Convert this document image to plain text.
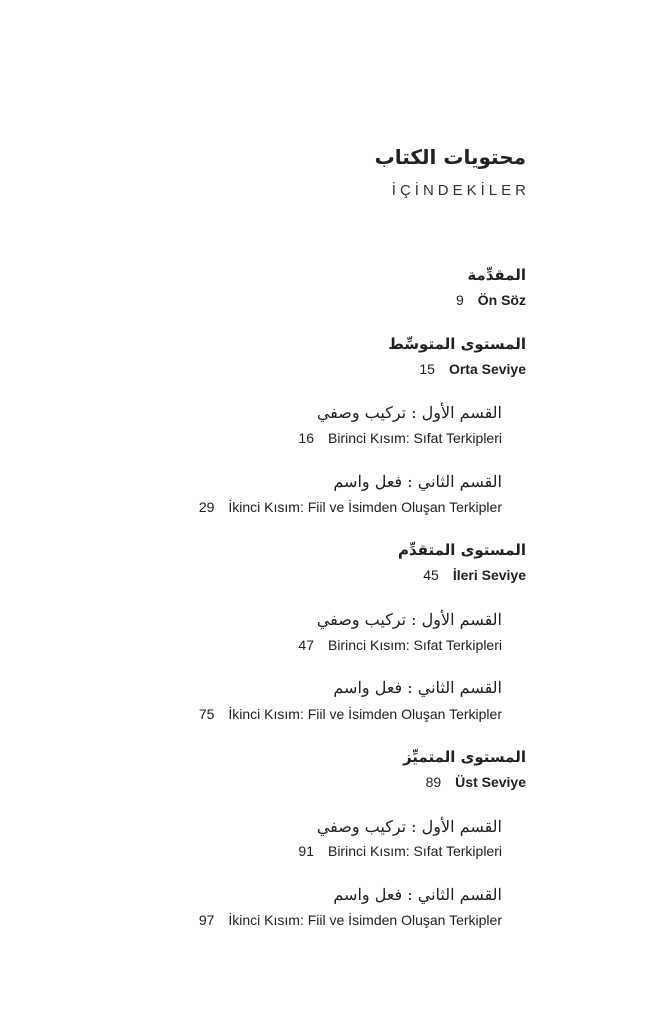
محتويات الكتاب
İÇİNDEKİLER
المقدِّمة
9 Ön Söz
المستوى المتوسِّط
15 Orta Seviye
القسم الأول : تركيب وصفي
16 Birinci Kısım: Sıfat Terkipleri
القسم الثاني : فعل واسم
29 İkinci Kısım: Fiil ve İsimden Oluşan Terkipler
المستوى المتقدِّم
45 İleri Seviye
القسم الأول : تركيب وصفي
47 Birinci Kısım: Sıfat Terkipleri
القسم الثاني : فعل واسم
75 İkinci Kısım: Fiil ve İsimden Oluşan Terkipler
المستوى المتميِّز
89 Üst Seviye
القسم الأول : تركيب وصفي
91 Birinci Kısım: Sıfat Terkipleri
القسم الثاني : فعل واسم
97 İkinci Kısım: Fiil ve İsimden Oluşan Terkipler
